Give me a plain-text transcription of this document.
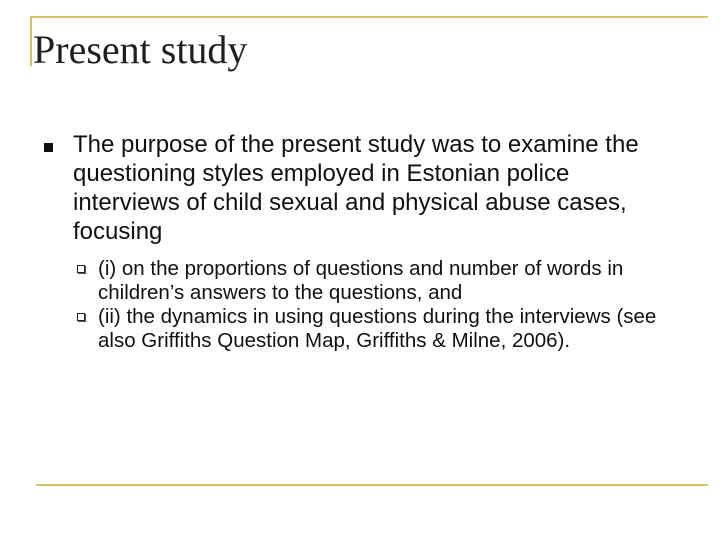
Present study
The purpose of the present study was to examine the questioning styles employed in Estonian police interviews of child sexual and physical abuse cases, focusing
(i) on the proportions of questions and number of words in children’s answers to the questions, and
(ii) the dynamics in using questions during the interviews (see also Griffiths Question Map, Griffiths & Milne, 2006).
